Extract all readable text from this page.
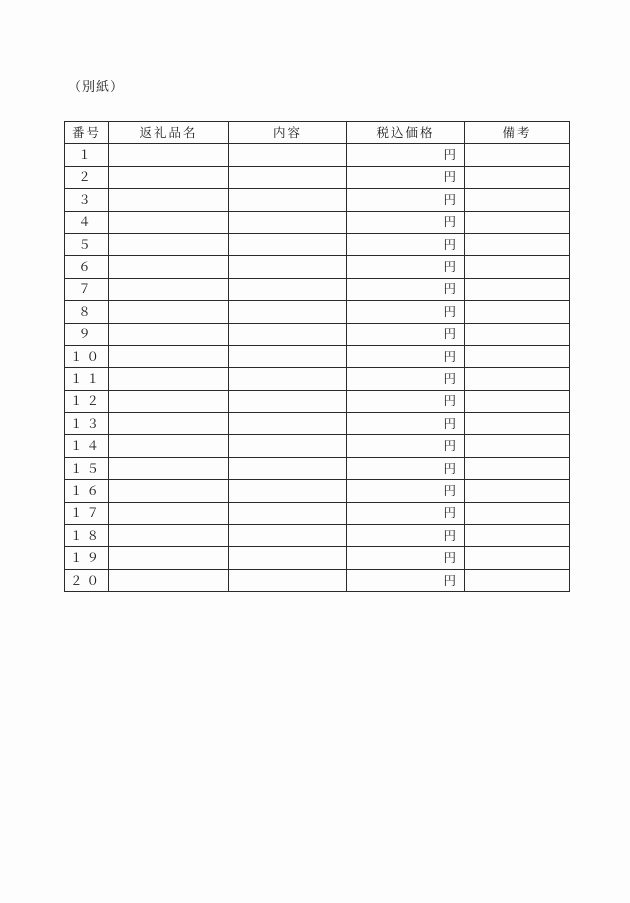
（別紙）
番号	返礼品名	内容	税込価格	備考
１			円	
２			円	
３			円	
４			円	
５			円	
６			円	
７			円	
８			円	
９			円	
１０			円	
１１			円	
１２			円	
１３			円	
１４			円	
１５			円	
１６			円	
１７			円	
１８			円	
１９			円	
２０			円	
